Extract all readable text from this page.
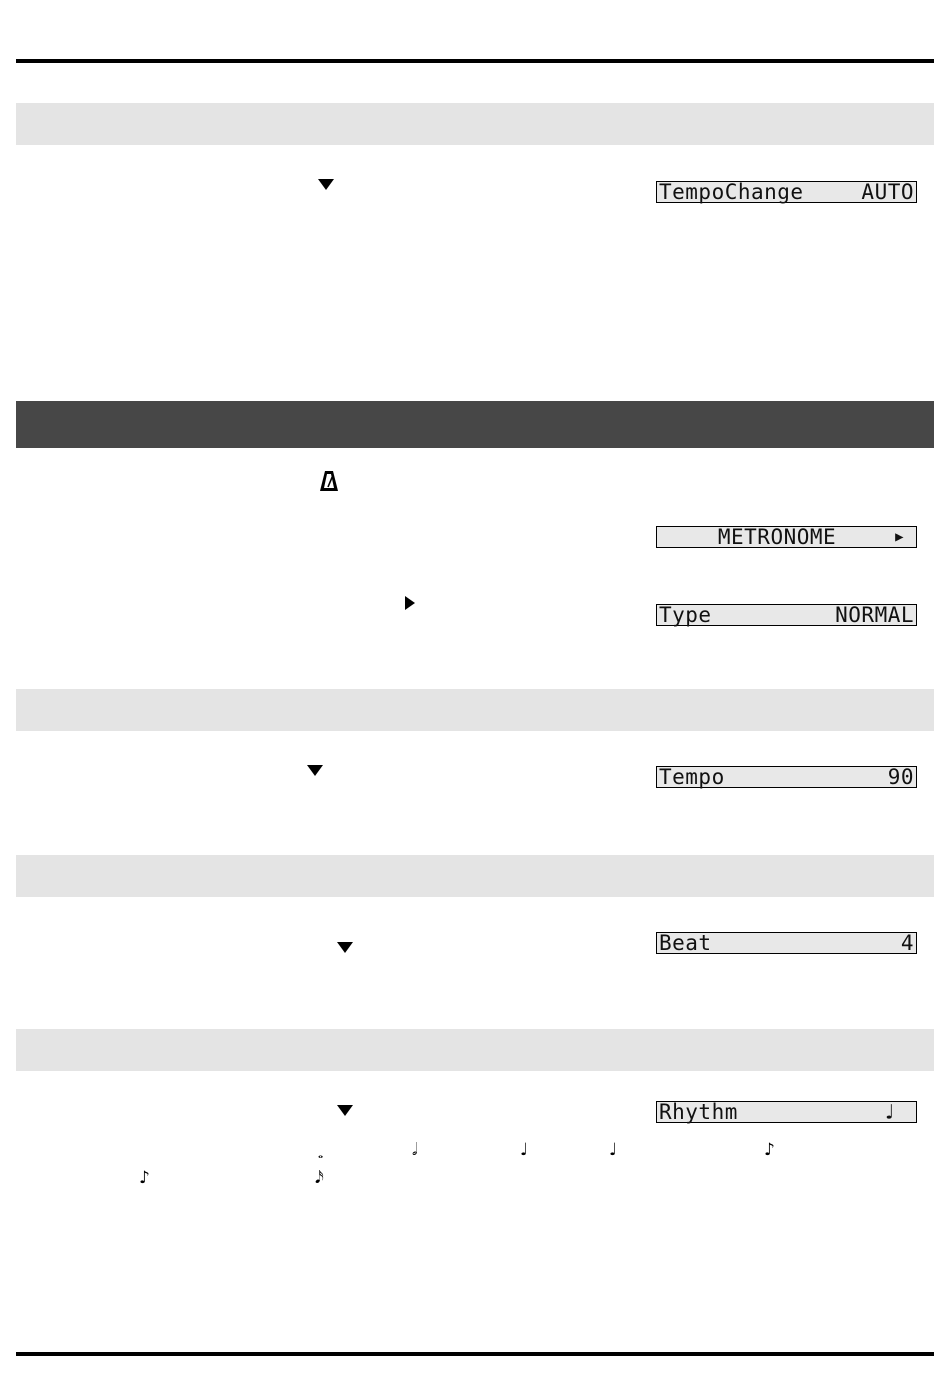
TempoChange	AUTO
METRONOME	▶
Type	NORMAL
Tempo	90
Beat	4
Rhythm	♩
𝅝	𝅗𝅥	♩	♩	♪
♪	𝅘𝅥𝅯
